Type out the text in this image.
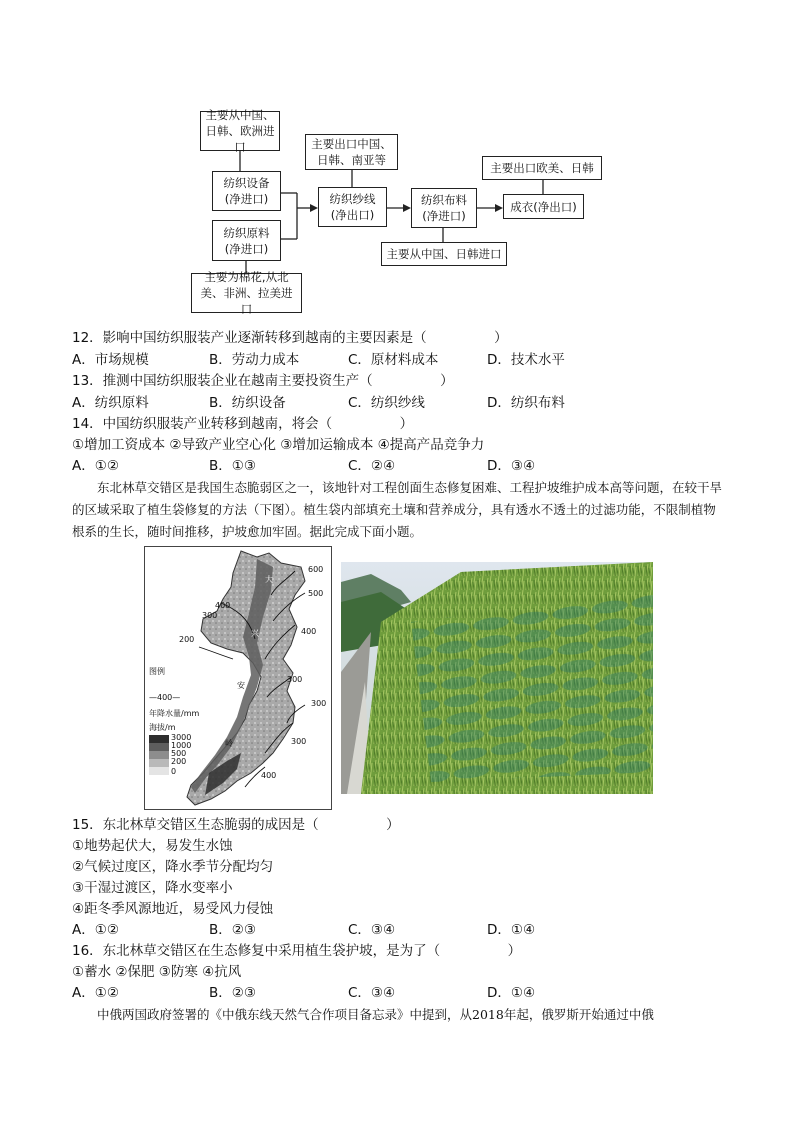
主要从中国、日韩、欧洲进口
纺织设备
(净进口)
纺织原料
(净进口)
主要为棉花,从北美、非洲、拉美进口
主要出口中国、日韩、南亚等
纺织纱线
(净出口)
纺织布料
(净进口)
主要从中国、日韩进口
成衣(净出口)
主要出口欧美、日韩
12．影响中国纺织服装产业逐渐转移到越南的主要因素是（　　　　　）
A．市场规模	B．劳动力成本	C．原材料成本	D．技术水平
13．推测中国纺织服装企业在越南主要投资生产（　　　　　）
A．纺织原料	B．纺织设备	C．纺织纱线	D．纺织布料
14．中国纺织服装产业转移到越南，将会（　　　　　）
①增加工资成本 ②导致产业空心化 ③增加运输成本 ④提高产品竞争力
A．①②	B．①③	C．②④	D．③④
东北林草交错区是我国生态脆弱区之一，该地针对工程创面生态修复困难、工程护坡维护成本高等问题，在较干旱的区域采取了植生袋修复的方法（下图）。植生袋内部填充土壤和营养成分，具有透水不透土的过滤功能，不限制植物根系的生长，随时间推移，护坡愈加牢固。据此完成下面小题。
600
500
400
300
400
300
300
200
400
300
大
兴
安
岭
图例
—400—
年降水量/mm
海拔/m
3000
1000
500
200
0
15．东北林草交错区生态脆弱的成因是（　　　　　）
①地势起伏大，易发生水蚀
②气候过度区，降水季节分配均匀
③干湿过渡区，降水变率小
④距冬季风源地近，易受风力侵蚀
A．①②	B．②③	C．③④	D．①④
16．东北林草交错区在生态修复中采用植生袋护坡，是为了（　　　　　）
①蓄水 ②保肥 ③防寒 ④抗风
A．①②	B．②③	C．③④	D．①④
中俄两国政府签署的《中俄东线天然气合作项目备忘录》中提到，从2018年起，俄罗斯开始通过中俄
